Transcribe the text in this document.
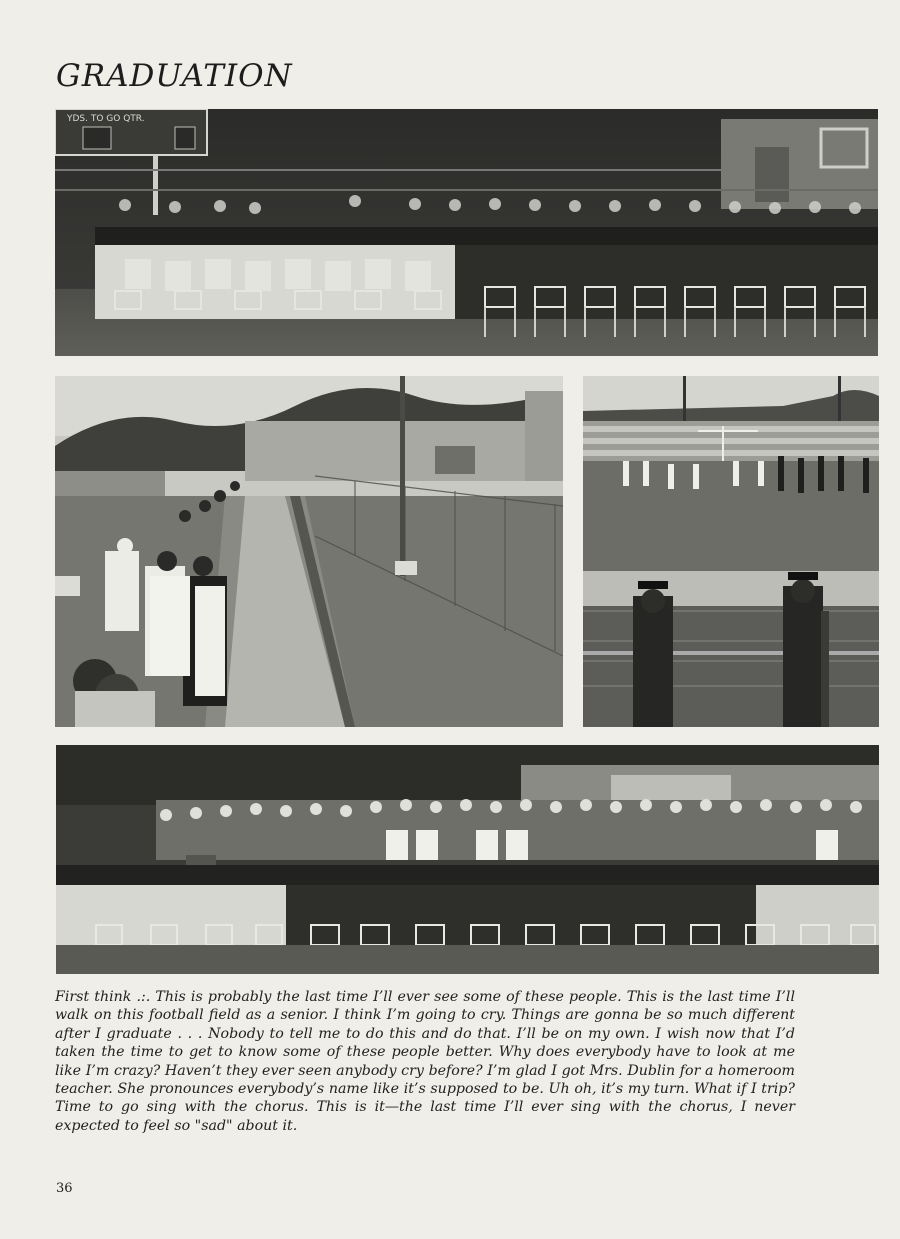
GRADUATION
YDS. TO GO QTR.

First think .:. This is probably the last time I’ll ever see some of these people. This is the last time I’ll walk on this football field as a senior. I think I’m going to cry. Things are gonna be so much different after I graduate . . . Nobody to tell me to do this and do that. I’ll be on my own. I wish now that I’d taken the time to get to know some of these people better. Why does everybody have to look at me like I’m crazy? Haven’t they ever seen anybody cry before? I’m glad I got Mrs. Dublin for a homeroom teacher. She pronounces everybody’s name like it’s supposed to be. Uh oh, it’s my turn. What if I trip? Time to go sing with the chorus. This is it—the last time I’ll ever sing with the chorus, I never expected to feel so "sad" about it.

36
